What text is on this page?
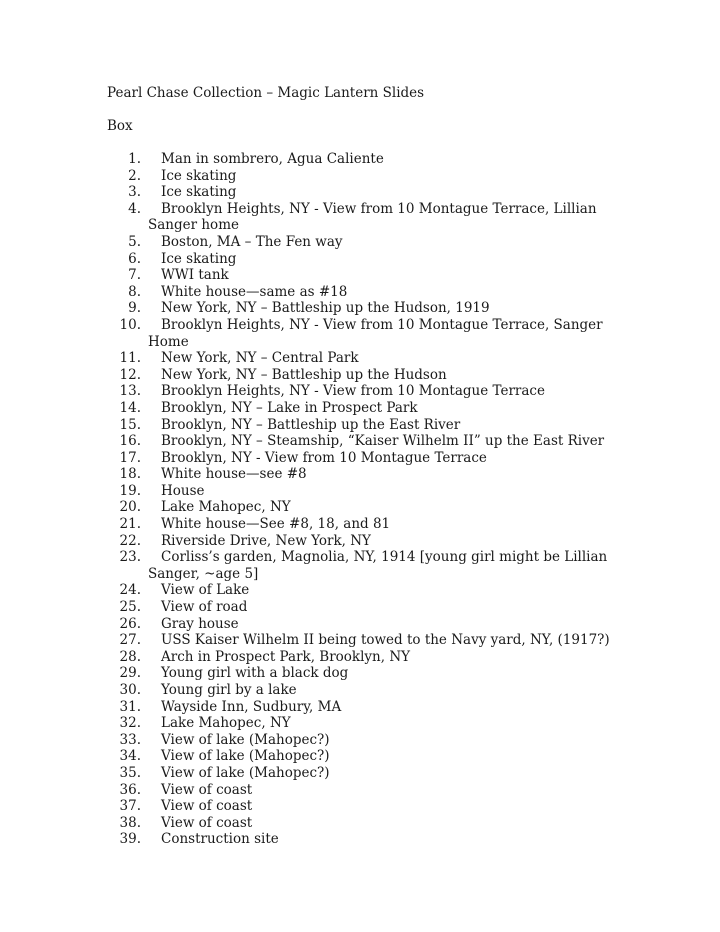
Pearl Chase Collection – Magic Lantern Slides
Box
1. Man in sombrero, Agua Caliente
2. Ice skating
3. Ice skating
4. Brooklyn Heights, NY - View from 10 Montague Terrace, Lillian
Sanger home
5. Boston, MA – The Fen way
6. Ice skating
7. WWI tank
8. White house—same as #18
9. New York, NY – Battleship up the Hudson, 1919
10. Brooklyn Heights, NY - View from 10 Montague Terrace, Sanger
Home
11. New York, NY – Central Park
12. New York, NY – Battleship up the Hudson
13. Brooklyn Heights, NY - View from 10 Montague Terrace
14. Brooklyn, NY – Lake in Prospect Park
15. Brooklyn, NY – Battleship up the East River
16. Brooklyn, NY – Steamship, “Kaiser Wilhelm II” up the East River
17. Brooklyn, NY - View from 10 Montague Terrace
18. White house—see #8
19. House
20. Lake Mahopec, NY
21. White house—See #8, 18, and 81
22. Riverside Drive, New York, NY
23. Corliss’s garden, Magnolia, NY, 1914 [young girl might be Lillian
Sanger, ~age 5]
24. View of Lake
25. View of road
26. Gray house
27. USS Kaiser Wilhelm II being towed to the Navy yard, NY, (1917?)
28. Arch in Prospect Park, Brooklyn, NY
29. Young girl with a black dog
30. Young girl by a lake
31. Wayside Inn, Sudbury, MA
32. Lake Mahopec, NY
33. View of lake (Mahopec?)
34. View of lake (Mahopec?)
35. View of lake (Mahopec?)
36. View of coast
37. View of coast
38. View of coast
39. Construction site
